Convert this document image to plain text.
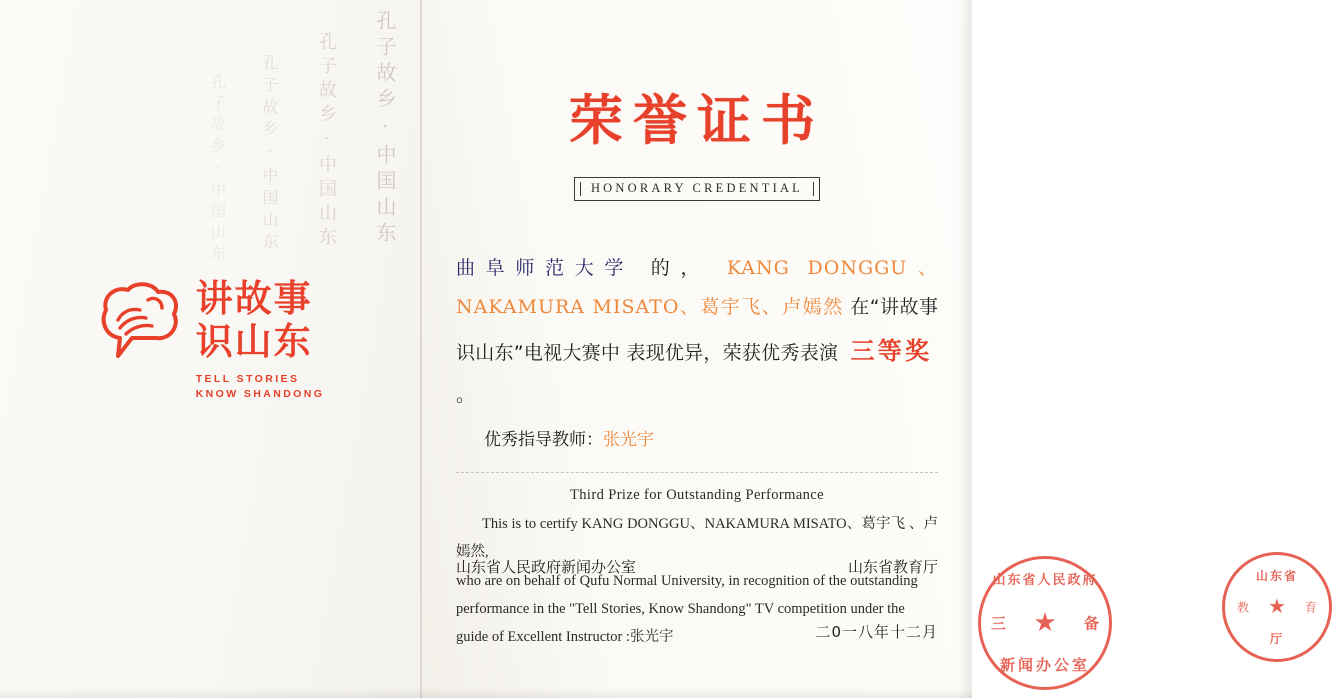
孔子故乡·中国山东
孔子故乡·中国山东
孔子故乡·中国山东
孔子故乡·中国山东
讲故事
识山东
TELL STORIES
KNOW SHANDONG
荣誉证书
HONORARY CREDENTIAL
曲阜师范大学 的， KANG DONGGU、NAKAMURA MISATO、葛宇飞、卢嫣然 在“讲故事 识山东”电视大赛中 表现优异，荣获优秀表演 三等奖 。
优秀指导教师：张光宇
Third Prize for Outstanding Performance
This is to certify KANG DONGGU、NAKAMURA MISATO、葛宇飞 、卢嫣然,
who are on behalf of Qufu Normal University, in recognition of the outstanding
performance in the "Tell Stories, Know Shandong" TV competition under the
guide of Excellent Instructor :张光宇
山东省人民政府新闻办公室	山东省教育厅
二0一八年十二月
山东省人民政府
三 ★ 备
新闻办公室
山东省
教 ★ 育
厅
